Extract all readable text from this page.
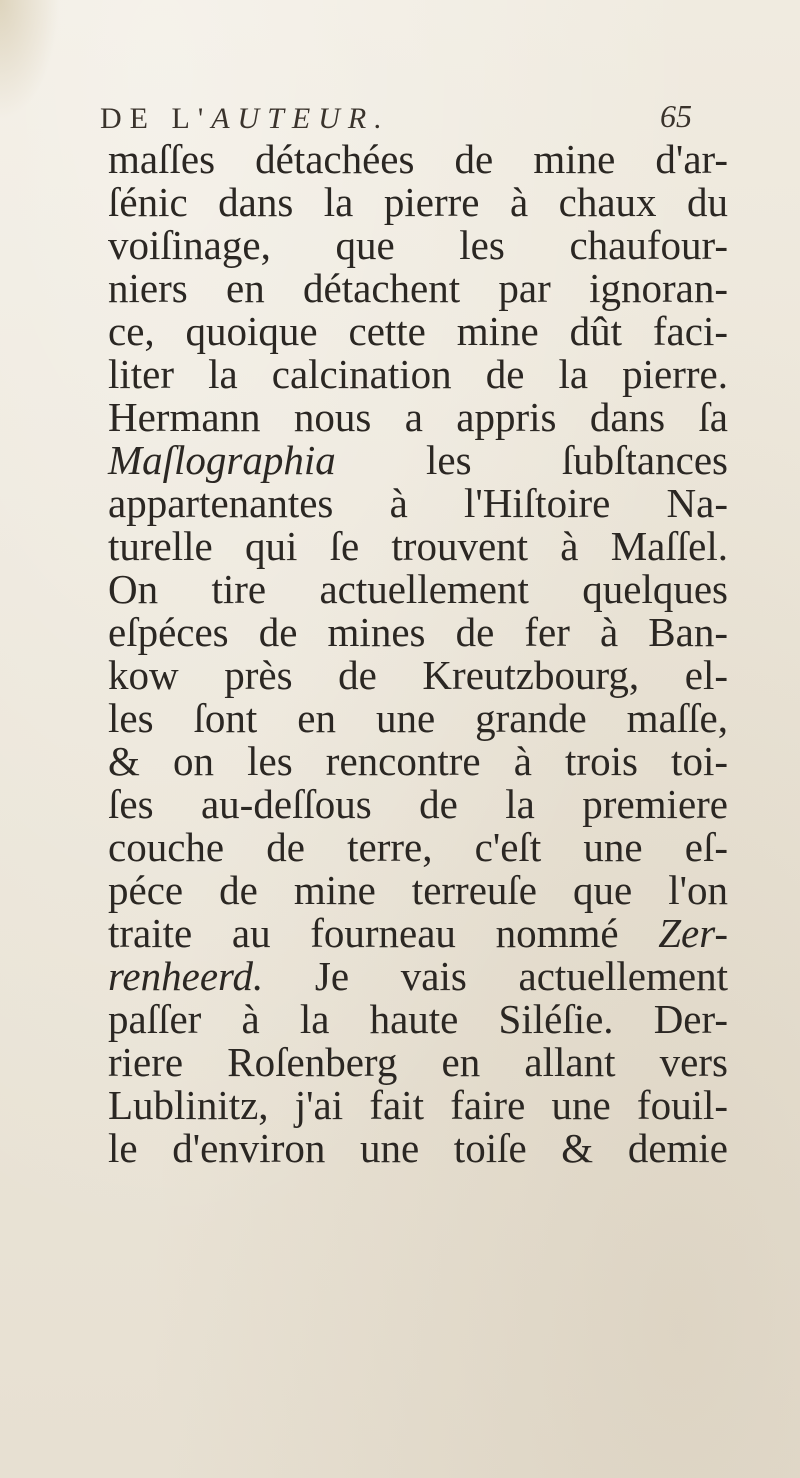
DE L'AUTEUR.	65
maſſes détachées de mine d'ar-
ſénic dans la pierre à chaux du
voiſinage, que les chaufour-
niers en détachent par ignoran-
ce, quoique cette mine dût faci-
liter la calcination de la pierre.
Hermann nous a appris dans ſa
Maſlographia les ſubſtances
appartenantes à l'Hiſtoire Na-
turelle qui ſe trouvent à Maſſel.
On tire actuellement quelques
eſpéces de mines de fer à Ban-
kow près de Kreutzbourg, el-
les ſont en une grande maſſe,
& on les rencontre à trois toi-
ſes au-deſſous de la premiere
couche de terre, c'eſt une eſ-
péce de mine terreuſe que l'on
traite au fourneau nommé Zer-
renheerd. Je vais actuellement
paſſer à la haute Siléſie. Der-
riere Roſenberg en allant vers
Lublinitz, j'ai fait faire une fouil-
le d'environ une toiſe & demie
